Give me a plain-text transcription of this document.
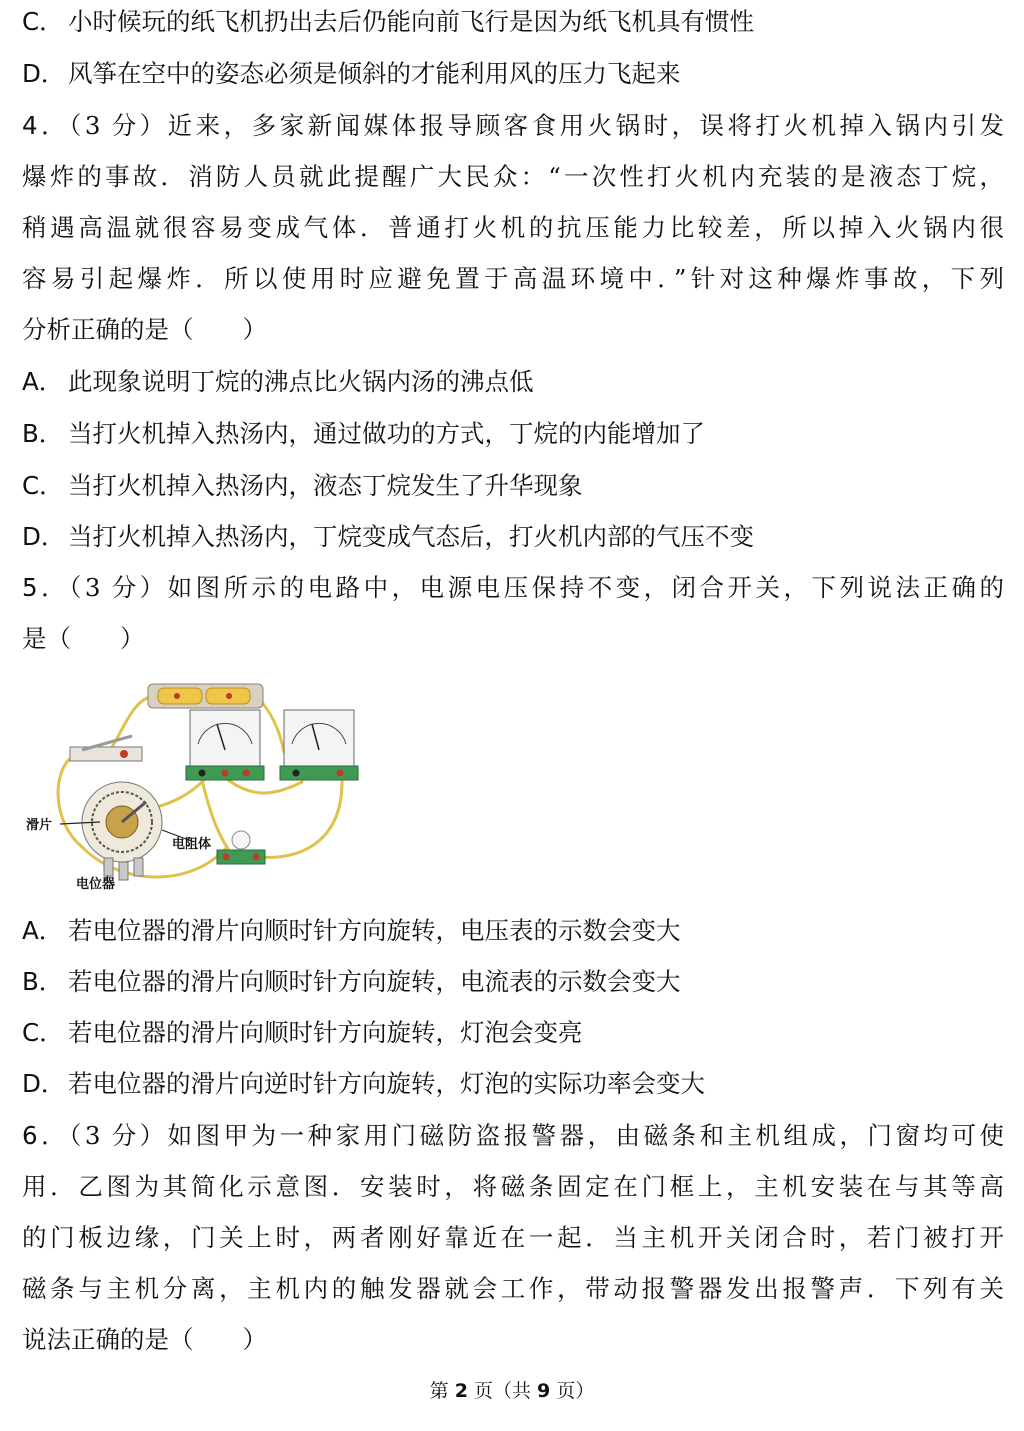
C． 小时候玩的纸飞机扔出去后仍能向前飞行是因为纸飞机具有惯性
D． 风筝在空中的姿态必须是倾斜的才能利用风的压力飞起来
4．（3 分）近来，多家新闻媒体报导顾客食用火锅时，误将打火机掉入锅内引发
爆炸的事故．消防人员就此提醒广大民众：“一次性打火机内充装的是液态丁烷，
稍遇高温就很容易变成气体．普通打火机的抗压能力比较差，所以掉入火锅内很
容易引起爆炸．所以使用时应避免置于高温环境中．”针对这种爆炸事故，下列
分析正确的是（　　）
A． 此现象说明丁烷的沸点比火锅内汤的沸点低
B． 当打火机掉入热汤内，通过做功的方式，丁烷的内能增加了
C． 当打火机掉入热汤内，液态丁烷发生了升华现象
D． 当打火机掉入热汤内，丁烷变成气态后，打火机内部的气压不变
5．（3 分）如图所示的电路中，电源电压保持不变，闭合开关，下列说法正确的
是（　　）
滑片
电阻体
电位器
A． 若电位器的滑片向顺时针方向旋转，电压表的示数会变大
B． 若电位器的滑片向顺时针方向旋转，电流表的示数会变大
C． 若电位器的滑片向顺时针方向旋转，灯泡会变亮
D． 若电位器的滑片向逆时针方向旋转，灯泡的实际功率会变大
6．（3 分）如图甲为一种家用门磁防盗报警器，由磁条和主机组成，门窗均可使
用．乙图为其简化示意图．安装时，将磁条固定在门框上，主机安装在与其等高
的门板边缘，门关上时，两者刚好靠近在一起．当主机开关闭合时，若门被打开
磁条与主机分离，主机内的触发器就会工作，带动报警器发出报警声．下列有关
说法正确的是（　　）
第 2 页（共 9 页）
